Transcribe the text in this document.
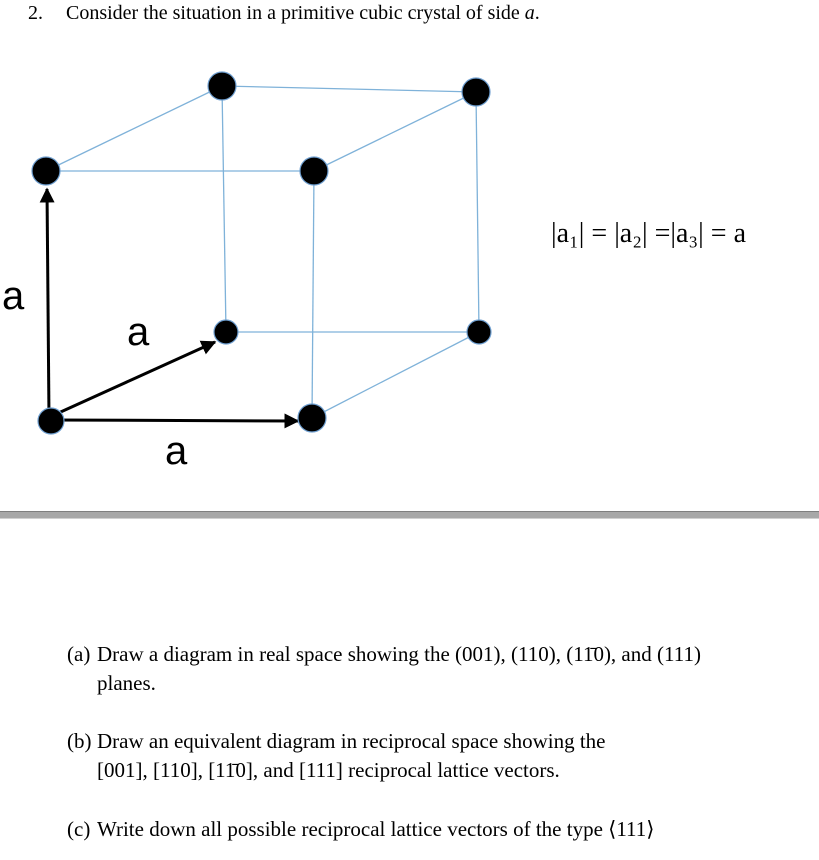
2. Consider the situation in a primitive cubic crystal of side a.
|a₁| = |a₂| =|a₃| = a
a
a
a
(a) Draw a diagram in real space showing the (001), (110), (11̄0), and (111)
planes.
(b) Draw an equivalent diagram in reciprocal space showing the
[001], [110], [11̄0], and [111] reciprocal lattice vectors.
(c) Write down all possible reciprocal lattice vectors of the type ⟨111⟩
